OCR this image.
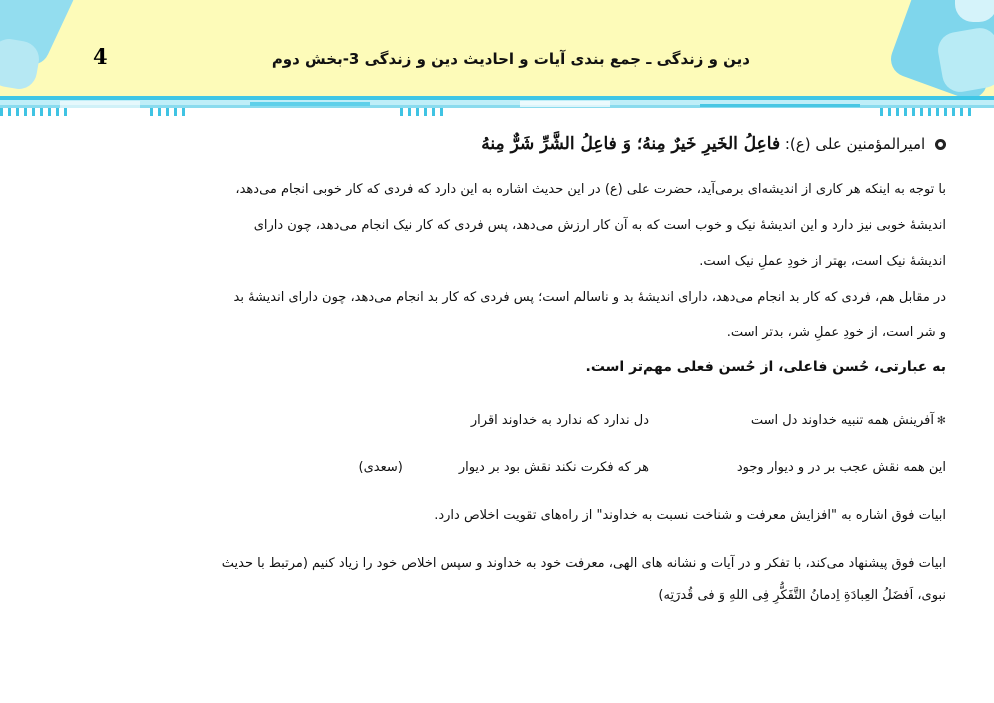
4	دین و زندگی ـ جمع بندی آیات و احادیث دین و زندگی 3-بخش دوم
امیرالمؤمنین علی (ع): فاعِلُ الخَیرِ خَیرٌ مِنهُ؛ وَ فاعِلُ الشَّرِّ شَرٌّ مِنهُ
با توجه به اینکه هر کاری از اندیشه‌ای برمی‌آید، حضرت علی (ع) در این حدیث اشاره به این دارد که فردی که کار خوبی انجام می‌دهد،
اندیشهٔ خوبی نیز دارد و این اندیشهٔ نیک و خوب است که به آن کار ارزش می‌دهد، پس فردی که کار نیک انجام می‌دهد، چون دارای
اندیشهٔ نیک است، بهتر از خودِ عملِ نیک است.
در مقابل هم، فردی که کار بد انجام می‌دهد، دارای اندیشهٔ بد و ناسالم است؛ پس فردی که کار بد انجام می‌دهد، چون دارای اندیشهٔ بد
و شر است، از خودِ عملِ شر، بدتر است.
به عبارتی، حُسن فاعلی، از حُسن فعلی مهم‌تر است.
✻آفرینش همه تنبیه خداوند دل استدل ندارد که ندارد به خداوند اقرار
این همه نقش عجب بر در و دیوار وجودهر که فکرت نکند نقش بود بر دیوار(سعدی)
ابیات فوق اشاره به "افزایش معرفت و شناخت نسبت به خداوند" از راه‌های تقویت اخلاص دارد.
ابیات فوق پیشنهاد می‌کند، با تفکر و در آیات و نشانه های الهی، معرفت خود به خداوند و سپس اخلاص خود را زیاد کنیم (مرتبط با حدیث
نبوی، اَفضَلُ العِبادَةِ اِدمانُ التَّفَکُّرِ فِی اللهِ وَ فی قُدرَتِه)
